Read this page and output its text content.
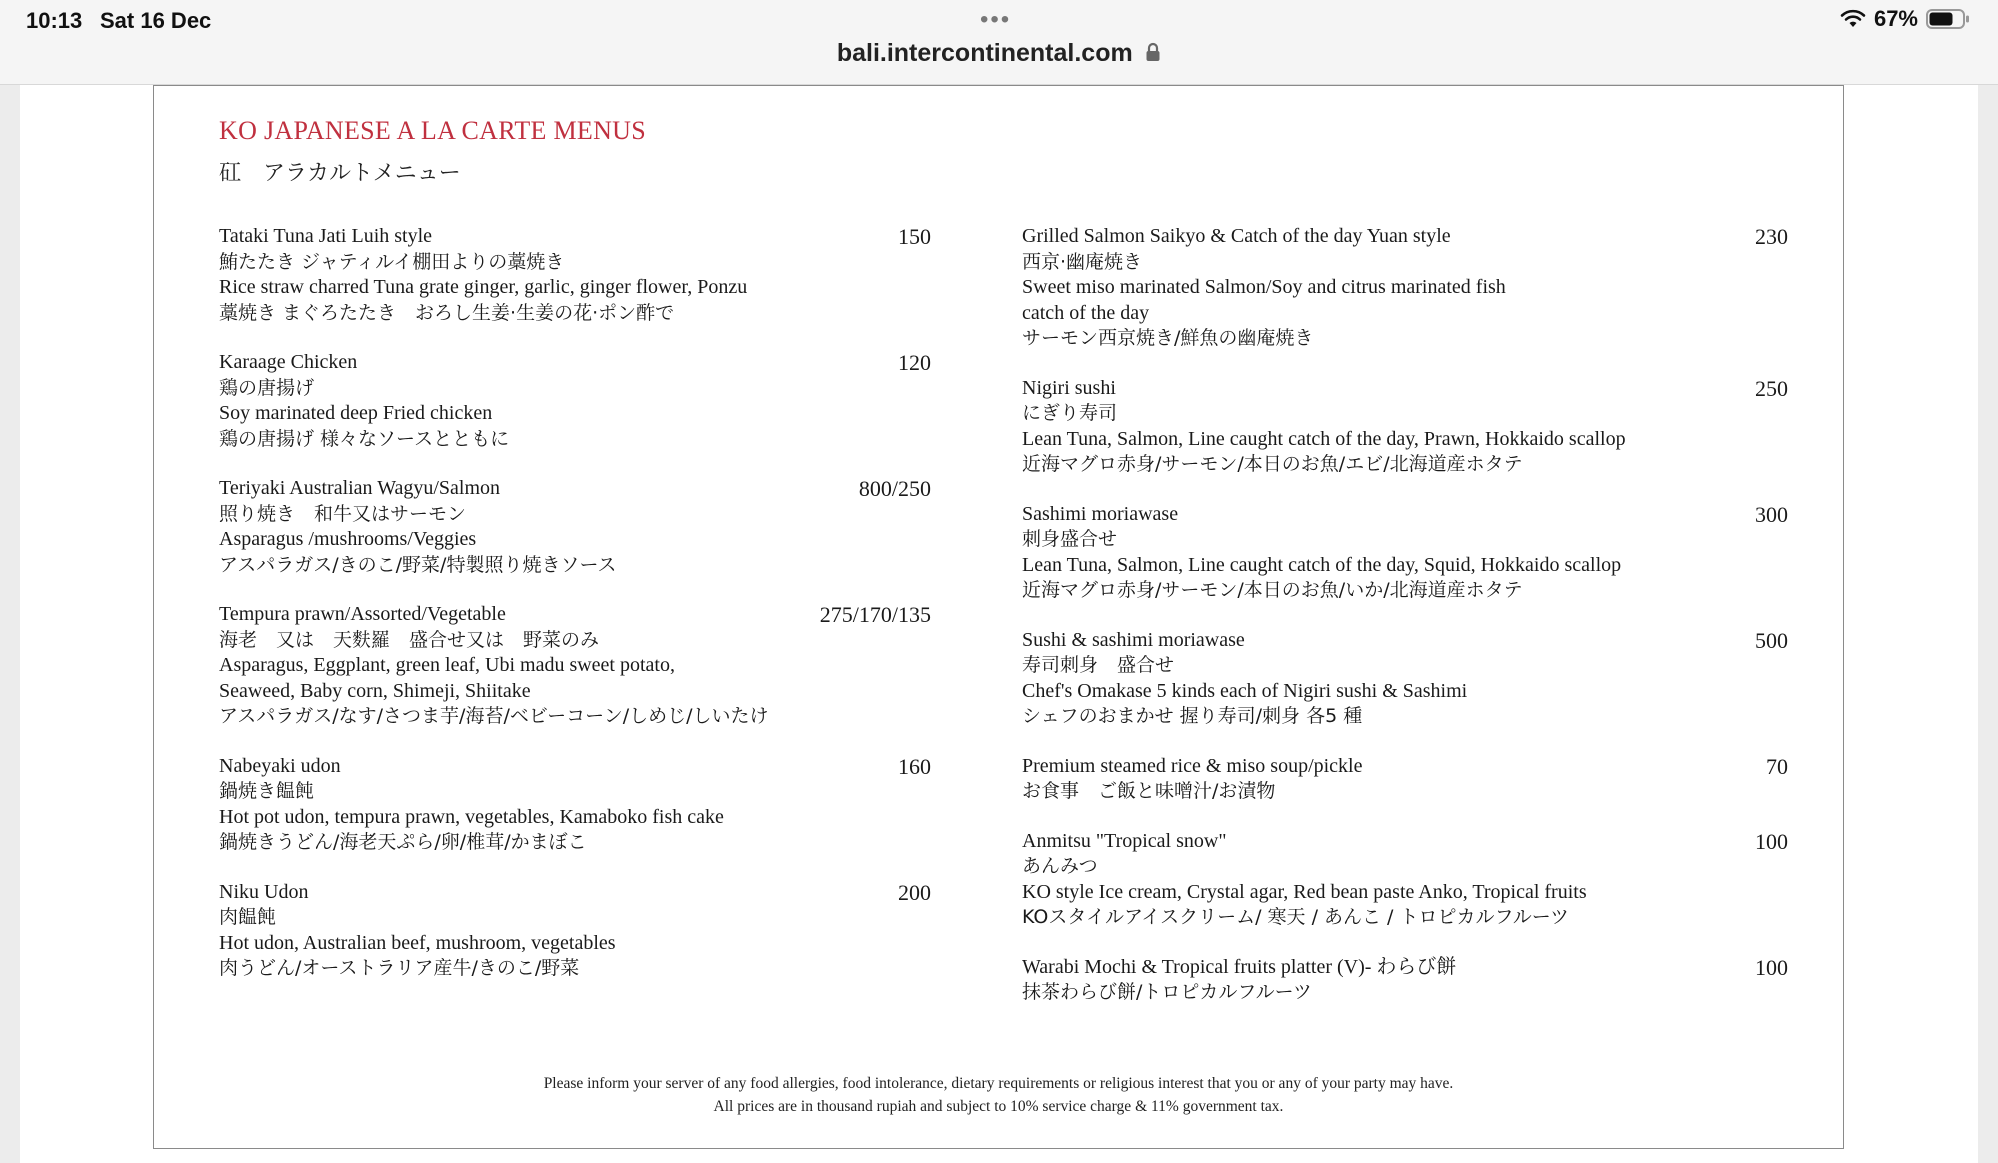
10:13 Sat 16 Dec	•••	67%
bali.intercontinental.com
KO JAPANESE A LA CARTE MENUS
矼　アラカルトメニュー
Tataki Tuna Jati Luih style	150
鮪たたき ジャティルイ棚田よりの藁焼き
Rice straw charred Tuna grate ginger, garlic, ginger flower, Ponzu
藁焼き まぐろたたき　おろし生姜·生姜の花·ポン酢で
Karaage Chicken	120
鶏の唐揚げ
Soy marinated deep Fried chicken
鶏の唐揚げ 様々なソースとともに
Teriyaki Australian Wagyu/Salmon	800/250
照り焼き　和牛又はサーモン
Asparagus /mushrooms/Veggies
アスパラガス/きのこ/野菜/特製照り焼きソース
Tempura prawn/Assorted/Vegetable	275/170/135
海老　又は　天麩羅　盛合せ又は　野菜のみ
Asparagus, Eggplant, green leaf, Ubi madu sweet potato,
Seaweed, Baby corn, Shimeji, Shiitake
アスパラガス/なす/さつま芋/海苔/ベビーコーン/しめじ/しいたけ
Nabeyaki udon	160
鍋焼き饂飩
Hot pot udon, tempura prawn, vegetables, Kamaboko fish cake
鍋焼きうどん/海老天ぷら/卵/椎茸/かまぼこ
Niku Udon	200
肉饂飩
Hot udon, Australian beef, mushroom, vegetables
肉うどん/オーストラリア産牛/きのこ/野菜
Grilled Salmon Saikyo & Catch of the day Yuan style	230
西京·幽庵焼き
Sweet miso marinated Salmon/Soy and citrus marinated fish
catch of the day
サーモン西京焼き/鮮魚の幽庵焼き
Nigiri sushi	250
にぎり寿司
Lean Tuna, Salmon, Line caught catch of the day, Prawn, Hokkaido scallop
近海マグロ赤身/サーモン/本日のお魚/エビ/北海道産ホタテ
Sashimi moriawase	300
刺身盛合せ
Lean Tuna, Salmon, Line caught catch of the day, Squid, Hokkaido scallop
近海マグロ赤身/サーモン/本日のお魚/いか/北海道産ホタテ
Sushi & sashimi moriawase	500
寿司刺身　盛合せ
Chef's Omakase 5 kinds each of Nigiri sushi & Sashimi
シェフのおまかせ 握り寿司/刺身 各5 種
Premium steamed rice & miso soup/pickle	70
お食事　ご飯と味噌汁/お漬物
Anmitsu "Tropical snow"	100
あんみつ
KO style Ice cream, Crystal agar, Red bean paste Anko, Tropical fruits
KOスタイルアイスクリーム/ 寒天 / あんこ / トロピカルフルーツ
Warabi Mochi & Tropical fruits platter (V)- わらび餅	100
抹茶わらび餅/トロピカルフルーツ
Please inform your server of any food allergies, food intolerance, dietary requirements or religious interest that you or any of your party may have.
All prices are in thousand rupiah and subject to 10% service charge & 11% government tax.
